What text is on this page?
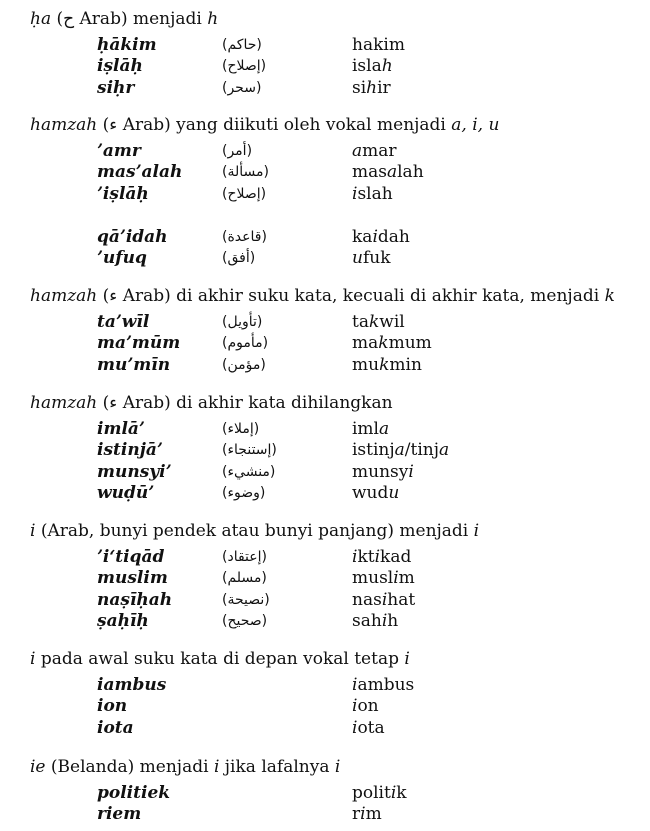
ḥa (ح Arab) menjadi h
ḥākim	(حاكم)	hakim
iṣlāḥ	(إصلاح)	islah
siḥr	(سحر)	sihir
hamzah (ء Arab) yang diikuti oleh vokal menjadi a, i, u
ʼamr	(أمر)	amar
masʼalah	(مسألة)	masalah
ʼiṣlāḥ	(إصلاح)	islah
qāʼidah	(قاعدة)	kaidah
ʼufuq	(أفق)	ufuk
hamzah (ء Arab) di akhir suku kata, kecuali di akhir kata, menjadi k
taʼwīl	(تأويل)	takwil
maʼmūm	(مأموم)	makmum
muʼmīn	(مؤمن)	mukmin
hamzah (ء Arab) di akhir kata dihilangkan
imlāʼ	(إملاء)	imla
istinjāʼ	(إستنجاء)	istinja/tinja
munsyiʼ	(منشيء)	munsyi
wuḍūʼ	(وضوء)	wudu
i (Arab, bunyi pendek atau bunyi panjang) menjadi i
ʼiʻtiqād	(إعتقاد)	iktikad
muslim	(مسلم)	muslim
naṣīḥah	(نصيحة)	nasihat
ṣaḥīḥ	(صحيح)	sahih
i pada awal suku kata di depan vokal tetap i
iambus	iambus
ion	ion
iota	iota
ie (Belanda) menjadi i jika lafalnya i
politiek	politik
riem	rim
